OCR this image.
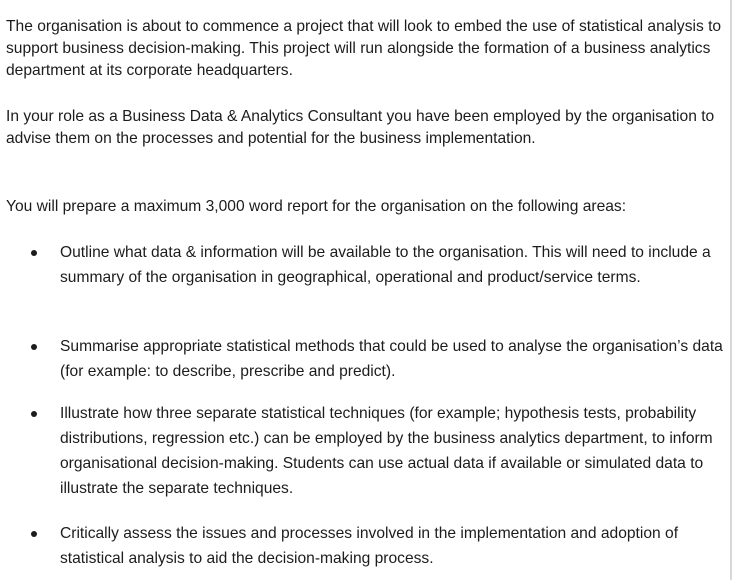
The organisation is about to commence a project that will look to embed the use of statistical analysis to support business decision-making. This project will run alongside the formation of a business analytics department at its corporate headquarters.

In your role as a Business Data & Analytics Consultant you have been employed by the organisation to advise them on the processes and potential for the business implementation.

You will prepare a maximum 3,000 word report for the organisation on the following areas:

Outline what data & information will be available to the organisation. This will need to include a summary of the organisation in geographical, operational and product/service terms.
Summarise appropriate statistical methods that could be used to analyse the organisation’s data (for example: to describe, prescribe and predict).
Illustrate how three separate statistical techniques (for example; hypothesis tests, probability distributions, regression etc.) can be employed by the business analytics department, to inform organisational decision-making. Students can use actual data if available or simulated data to illustrate the separate techniques.
Critically assess the issues and processes involved in the implementation and adoption of statistical analysis to aid the decision-making process.
